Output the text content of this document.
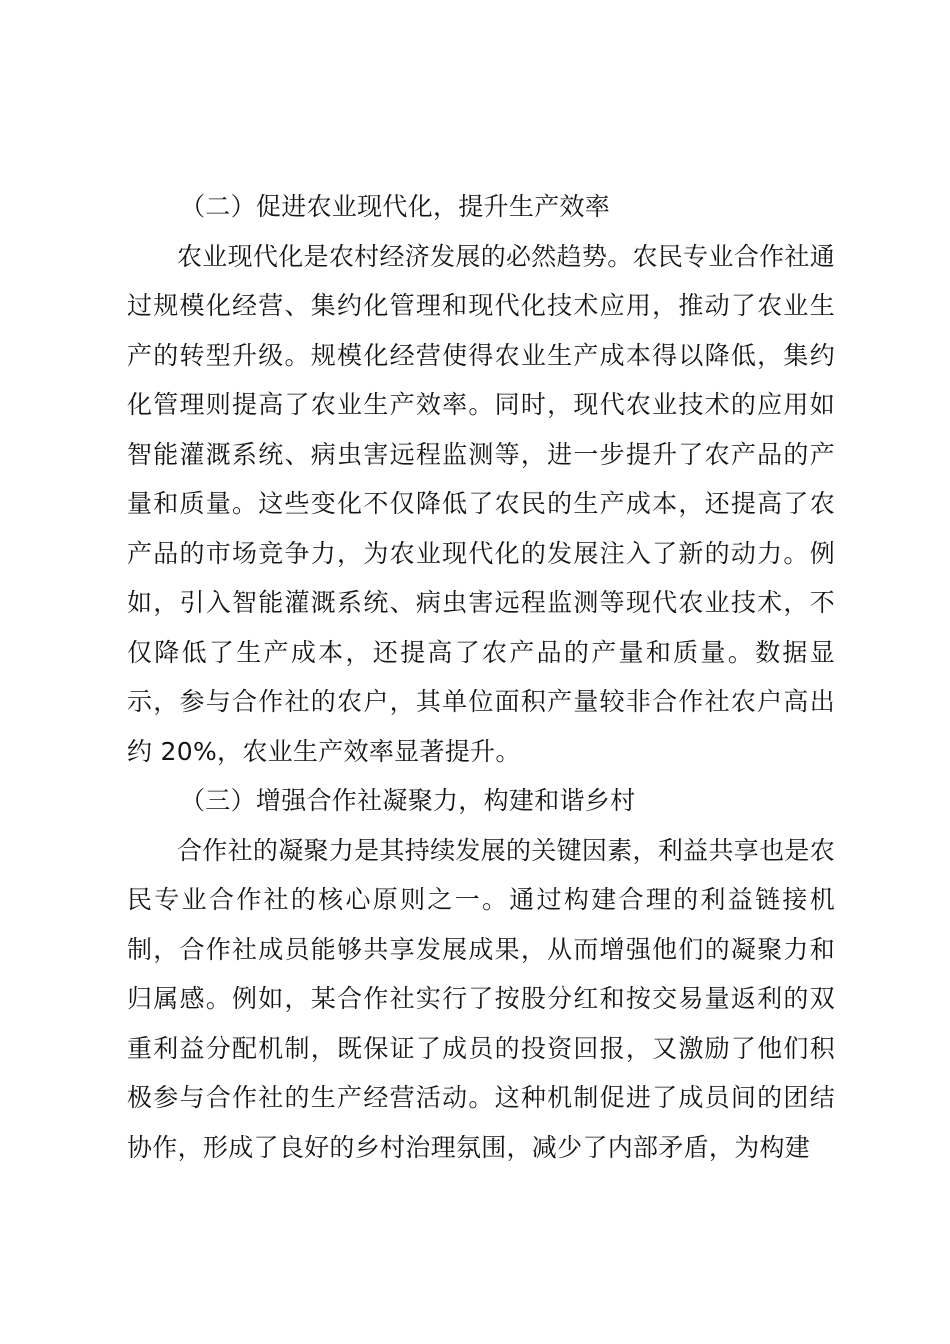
（二）促进农业现代化，提升生产效率

农业现代化是农村经济发展的必然趋势。农民专业合作社通过规模化经营、集约化管理和现代化技术应用，推动了农业生产的转型升级。规模化经营使得农业生产成本得以降低，集约化管理则提高了农业生产效率。同时，现代农业技术的应用如智能灌溉系统、病虫害远程监测等，进一步提升了农产品的产量和质量。这些变化不仅降低了农民的生产成本，还提高了农产品的市场竞争力，为农业现代化的发展注入了新的动力。例如，引入智能灌溉系统、病虫害远程监测等现代农业技术，不仅降低了生产成本，还提高了农产品的产量和质量。数据显示，参与合作社的农户，其单位面积产量较非合作社农户高出约 20%，农业生产效率显著提升。

（三）增强合作社凝聚力，构建和谐乡村

合作社的凝聚力是其持续发展的关键因素，利益共享也是农民专业合作社的核心原则之一。通过构建合理的利益链接机制，合作社成员能够共享发展成果，从而增强他们的凝聚力和归属感。例如，某合作社实行了按股分红和按交易量返利的双重利益分配机制，既保证了成员的投资回报，又激励了他们积极参与合作社的生产经营活动。这种机制促进了成员间的团结协作，形成了良好的乡村治理氛围，减少了内部矛盾，为构建
